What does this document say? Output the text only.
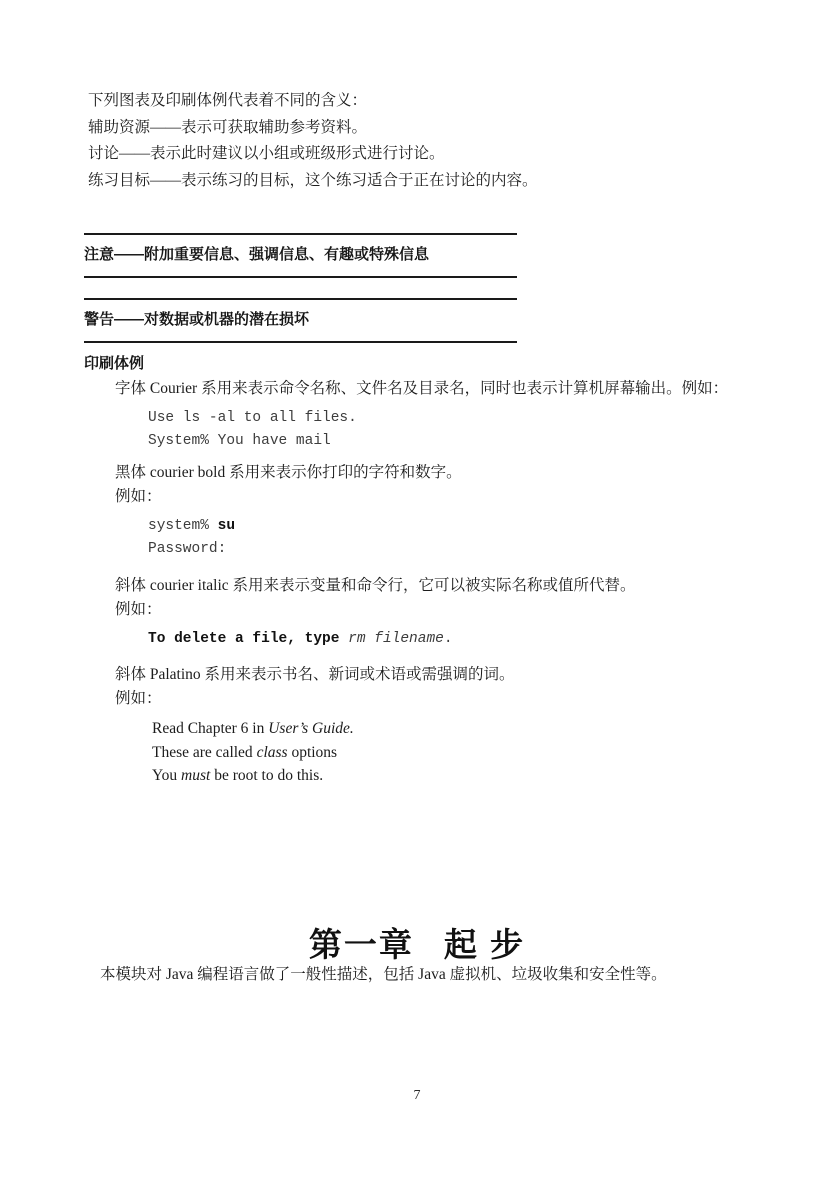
下列图表及印刷体例代表着不同的含义：

辅助资源——表示可获取辅助参考资料。

讨论——表示此时建议以小组或班级形式进行讨论。

练习目标——表示练习的目标，这个练习适合于正在讨论的内容。

注意——附加重要信息、强调信息、有趣或特殊信息

警告——对数据或机器的潜在损坏

印刷体例

字体 Courier 系用来表示命令名称、文件名及目录名，同时也表示计算机屏幕输出。例如：

Use ls -al to all files.
System% You have mail

黑体 courier bold 系用来表示你打印的字符和数字。

例如：

system% su
Password:

斜体 courier italic 系用来表示变量和命令行，它可以被实际名称或值所代替。

例如：

To delete a file, type rm filename.

斜体 Palatino 系用来表示书名、新词或术语或需强调的词。

例如：

Read Chapter 6 in User’s Guide.
These are called class options
You must be root to do this.
第一章 起 步

本模块对 Java 编程语言做了一般性描述，包括 Java 虚拟机、垃圾收集和安全性等。

7
